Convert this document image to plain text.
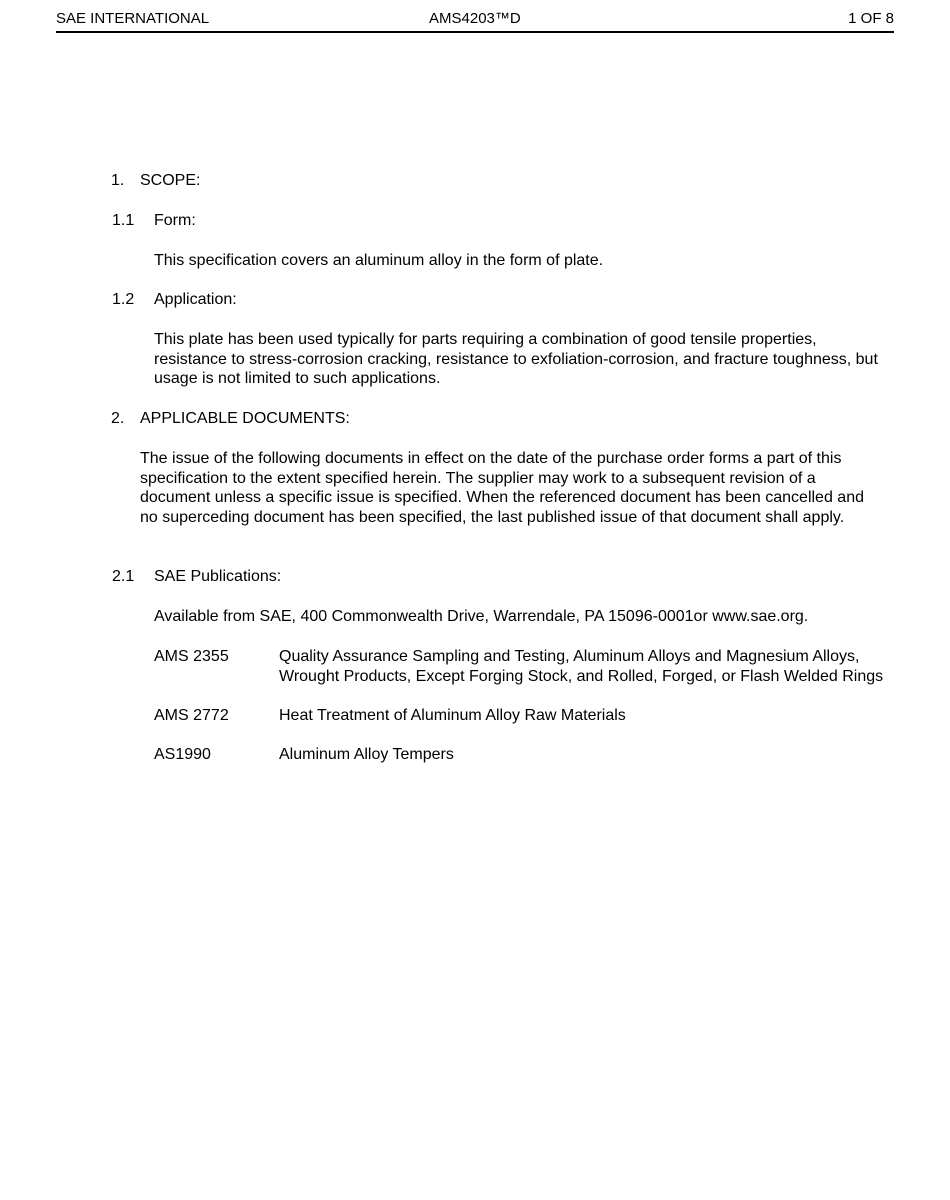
SAE INTERNATIONAL	AMS4203™D	1 OF 8
1. SCOPE:
1.1 Form:
This specification covers an aluminum alloy in the form of plate.
1.2 Application:
This plate has been used typically for parts requiring a combination of good tensile properties, resistance to stress-corrosion cracking, resistance to exfoliation-corrosion, and fracture toughness, but usage is not limited to such applications.
2. APPLICABLE DOCUMENTS:
The issue of the following documents in effect on the date of the purchase order forms a part of this specification to the extent specified herein. The supplier may work to a subsequent revision of a document unless a specific issue is specified. When the referenced document has been cancelled and no superceding document has been specified, the last published issue of that document shall apply.
2.1 SAE Publications:
Available from SAE, 400 Commonwealth Drive, Warrendale, PA 15096-0001or www.sae.org.
AMS 2355	Quality Assurance Sampling and Testing, Aluminum Alloys and Magnesium Alloys, Wrought Products, Except Forging Stock, and Rolled, Forged, or Flash Welded Rings
AMS 2772	Heat Treatment of Aluminum Alloy Raw Materials
AS1990	Aluminum Alloy Tempers
